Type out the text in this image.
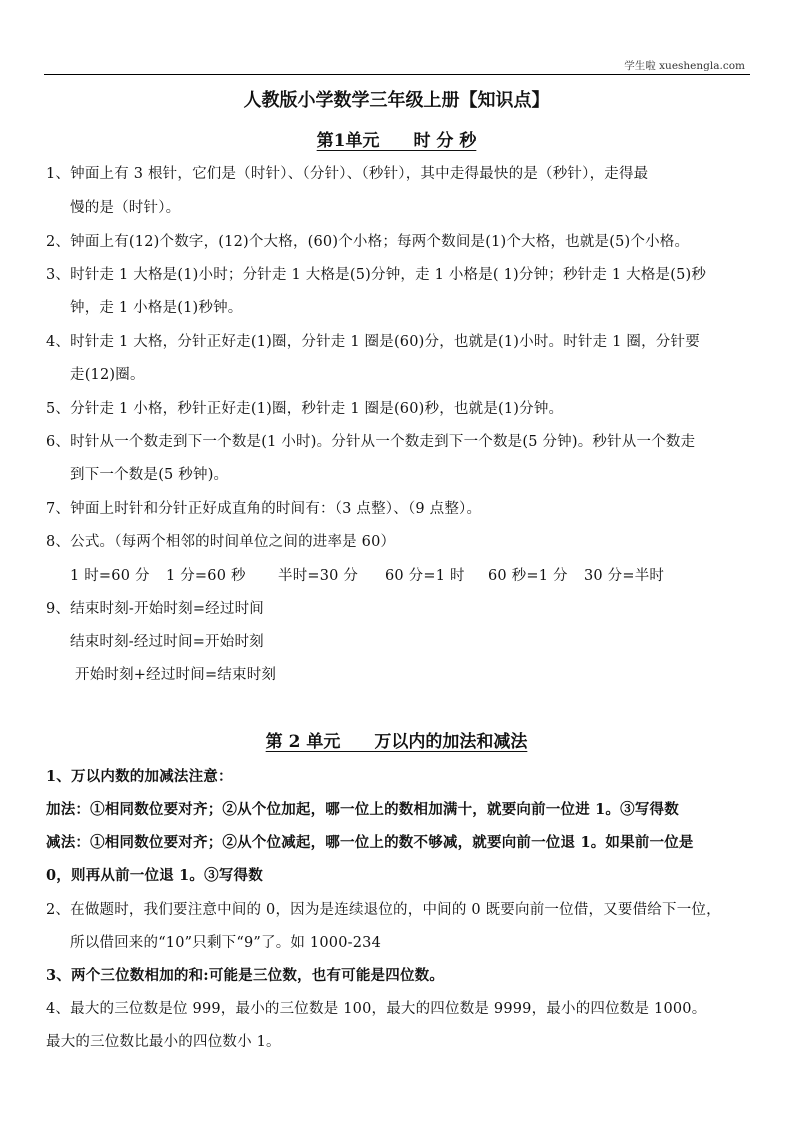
学生啦 xueshengla.com
人教版小学数学三年级上册【知识点】
第1单元　　时 分 秒
1、钟面上有 3 根针，它们是（时针）、（分针）、（秒针），其中走得最快的是（秒针），走得最
慢的是（时针）。
2、钟面上有(12)个数字，(12)个大格，(60)个小格；每两个数间是(1)个大格，也就是(5)个小格。
3、时针走 1 大格是(1)小时；分针走 1 大格是(5)分钟，走 1 小格是( 1)分钟；秒针走 1 大格是(5)秒
钟，走 1 小格是(1)秒钟。
4、时针走 1 大格，分针正好走(1)圈，分针走 1 圈是(60)分，也就是(1)小时。时针走 1 圈，分针要
走(12)圈。
5、分针走 1 小格，秒针正好走(1)圈，秒针走 1 圈是(60)秒，也就是(1)分钟。
6、时针从一个数走到下一个数是(1 小时)。分针从一个数走到下一个数是(5 分钟)。秒针从一个数走
到下一个数是(5 秒钟)。
7、钟面上时针和分针正好成直角的时间有：（3 点整）、（9 点整）。
8、公式。（每两个相邻的时间单位之间的进率是 60）
1 时=60 分 1 分=60 秒 半时=30 分 60 分=1 时 60 秒=1 分 30 分=半时
9、结束时刻-开始时刻=经过时间
结束时刻-经过时间=开始时刻
开始时刻+经过时间=结束时刻
第 2 单元　　万以内的加法和减法
1、万以内数的加减法注意：
加法：①相同数位要对齐；②从个位加起，哪一位上的数相加满十，就要向前一位进 1。③写得数
减法：①相同数位要对齐；②从个位减起，哪一位上的数不够减，就要向前一位退 1。如果前一位是
0，则再从前一位退 1。③写得数
2、在做题时，我们要注意中间的 0，因为是连续退位的，中间的 0 既要向前一位借，又要借给下一位，
所以借回来的“10”只剩下“9”了。如 1000-234
3、两个三位数相加的和:可能是三位数，也有可能是四位数。
4、最大的三位数是位 999，最小的三位数是 100，最大的四位数是 9999，最小的四位数是 1000。
最大的三位数比最小的四位数小 1。
